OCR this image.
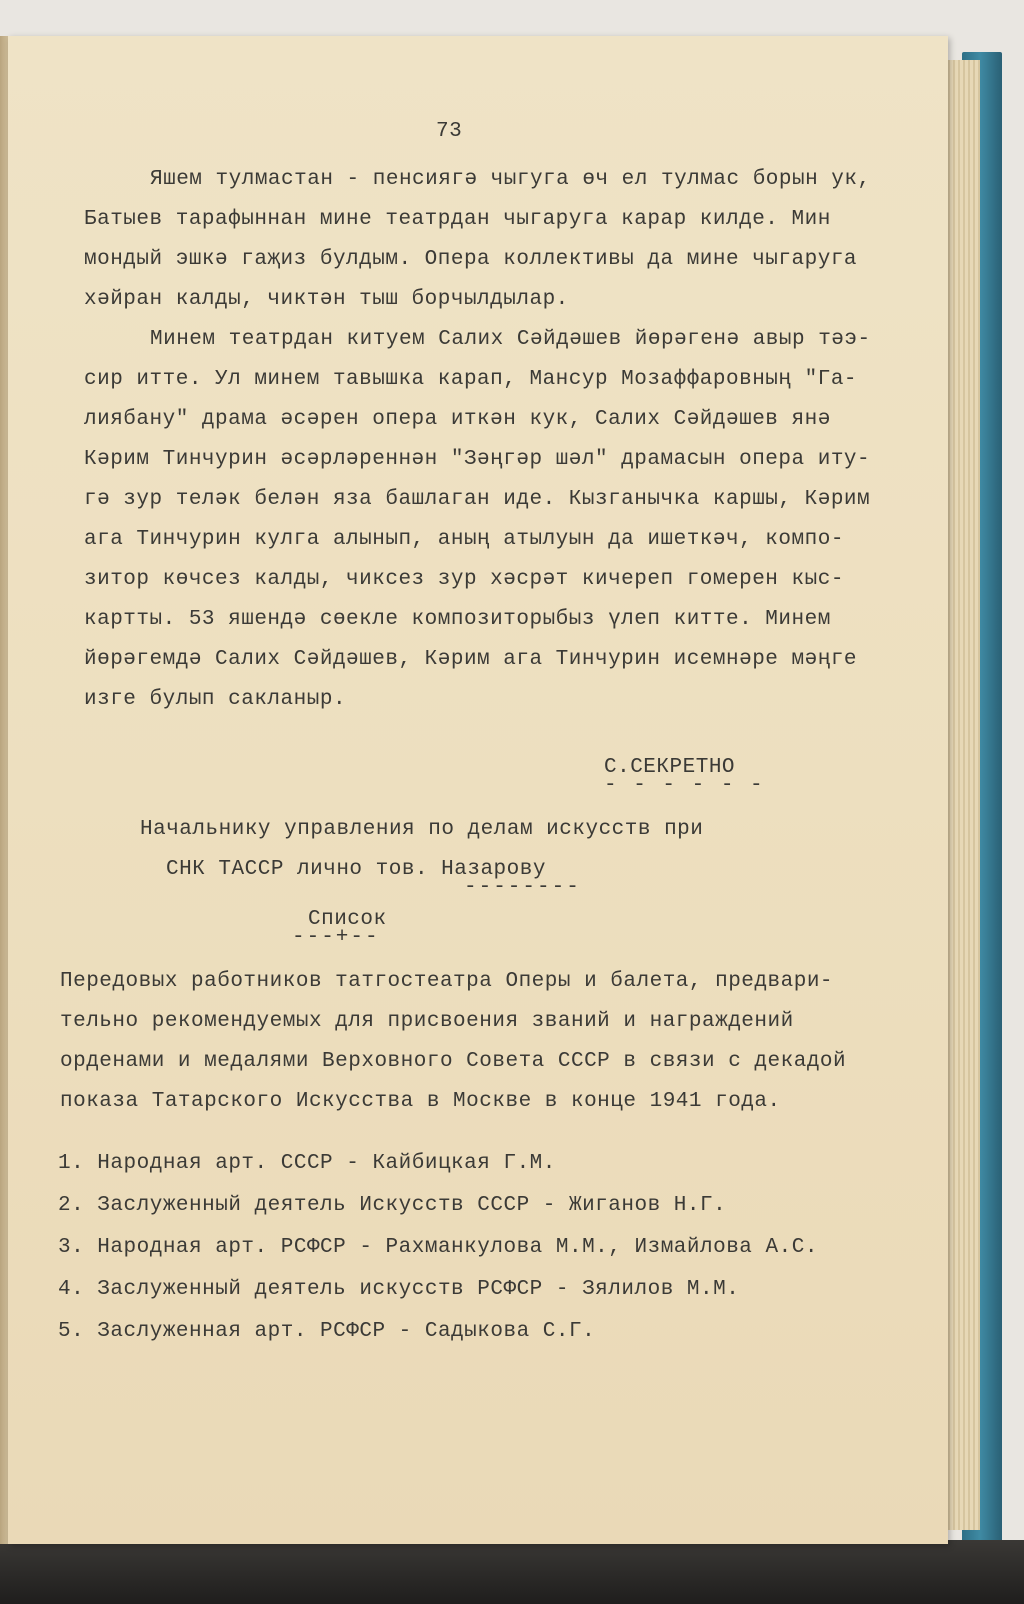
73
Яшем тулмастан - пенсиягә чыгуга өч ел тулмас борын ук,
Батыев тарафыннан мине театрдан чыгаруга карар килде. Мин
мондый эшкә гаҗиз булдым. Опера коллективы да мине чыгаруга
хәйран калды, чиктән тыш борчылдылар.
Минем театрдан китуем Салих Сәйдәшев йөрәгенә авыр тәэ-
сир итте. Ул минем тавышка карап, Мансур Мозаффаровның "Га-
лиябану" драма әсәрен опера иткән кук, Салих Сәйдәшев янә
Кәрим Тинчурин әсәрләреннән "Зәңгәр шәл" драмасын опера иту-
гә зур теләк белән яза башлаган иде. Кызганычка каршы, Кәрим
ага Тинчурин кулга алынып, аның атылуын да ишеткәч, компо-
зитор көчсез калды, чиксез зур хәсрәт кичереп гомерен кыс-
картты. 53 яшендә сөекле композиторыбыз үлеп китте. Минем
йөрәгемдә Салих Сәйдәшев, Кәрим ага Тинчурин исемнәре мәңге
изге булып сакланыр.
С.СЕКРЕТНО
- - - - - -
Начальнику управления по делам искусств при
СНК ТАССР лично тов. Назарову
--------
Список
---+--
Передовых работников татгостеатра Оперы и балета, предвари-
тельно рекомендуемых для присвоения званий и награждений
орденами и медалями Верховного Совета СССР в связи с декадой
показа Татарского Искусства в Москве в конце 1941 года.
1. Народная арт. СССР - Кайбицкая Г.М.
2. Заслуженный деятель Искусств СССР - Жиганов Н.Г.
3. Народная арт. РСФСР - Рахманкулова М.М., Измайлова А.С.
4. Заслуженный деятель искусств РСФСР - Зялилов М.М.
5. Заслуженная арт. РСФСР - Садыкова С.Г.
